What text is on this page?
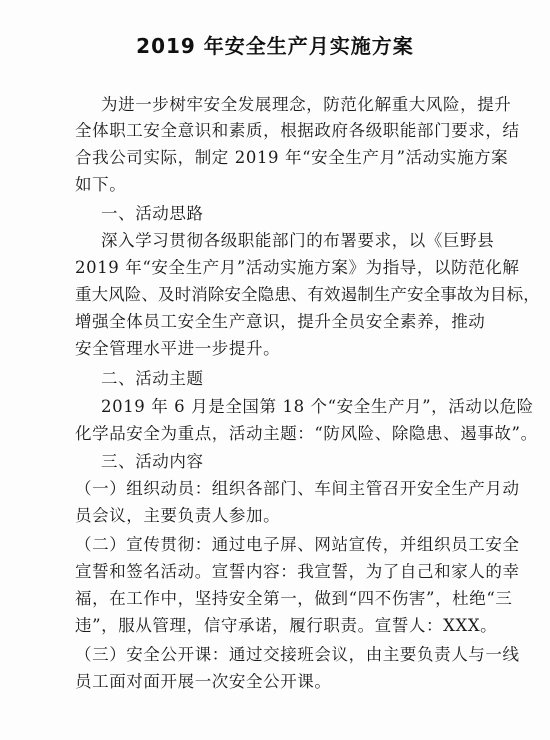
2019 年安全生产月实施方案
为进一步树牢安全发展理念，防范化解重大风险，提升
全体职工安全意识和素质，根据政府各级职能部门要求，结
合我公司实际，制定 2019 年“安全生产月”活动实施方案
如下。
一、活动思路
深入学习贯彻各级职能部门的布署要求，以《巨野县
2019 年“安全生产月”活动实施方案》为指导，以防范化解
重大风险、及时消除安全隐患、有效遏制生产安全事故为目标，
增强全体员工安全生产意识，提升全员安全素养，推动
安全管理水平进一步提升。
二、活动主题
2019 年 6 月是全国第 18 个“安全生产月”，活动以危险
化学品安全为重点，活动主题：“防风险、除隐患、遏事故”。
三、活动内容
（一）组织动员：组织各部门、车间主管召开安全生产月动
员会议，主要负责人参加。
（二）宣传贯彻：通过电子屏、网站宣传，并组织员工安全
宣誓和签名活动。宣誓内容：我宣誓，为了自己和家人的幸
福，在工作中，坚持安全第一，做到“四不伤害”，杜绝“三
违”，服从管理，信守承诺，履行职责。宣誓人：XXX。
（三）安全公开课：通过交接班会议，由主要负责人与一线
员工面对面开展一次安全公开课。
